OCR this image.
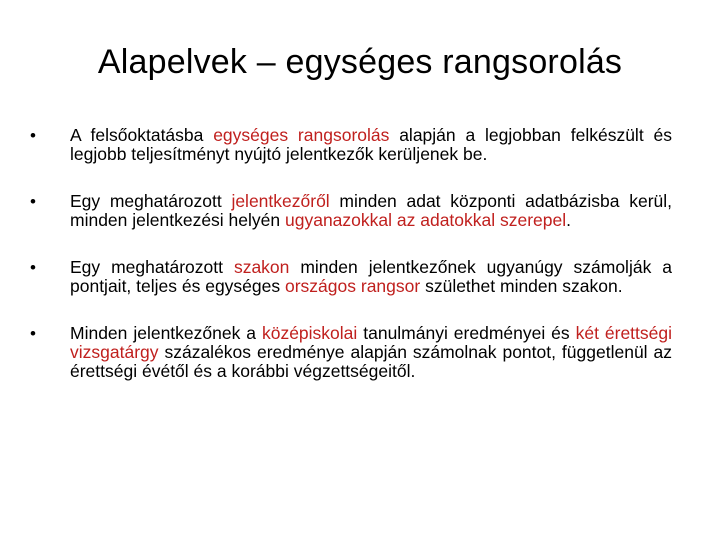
Alapelvek – egységes rangsorolás
•	A felsőoktatásba egységes rangsorolás alapján a legjobban felkészült és legjobb teljesítményt nyújtó jelentkezők kerüljenek be.
•	Egy meghatározott jelentkezőről minden adat központi adatbázisba kerül, minden jelentkezési helyén ugyanazokkal az adatokkal szerepel.
•	Egy meghatározott szakon minden jelentkezőnek ugyanúgy számolják a pontjait, teljes és egységes országos rangsor születhet minden szakon.
•	Minden jelentkezőnek a középiskolai tanulmányi eredményei és két érettségi vizsgatárgy százalékos eredménye alapján számolnak pontot, függetlenül az érettségi évétől és a korábbi végzettségeitől.
